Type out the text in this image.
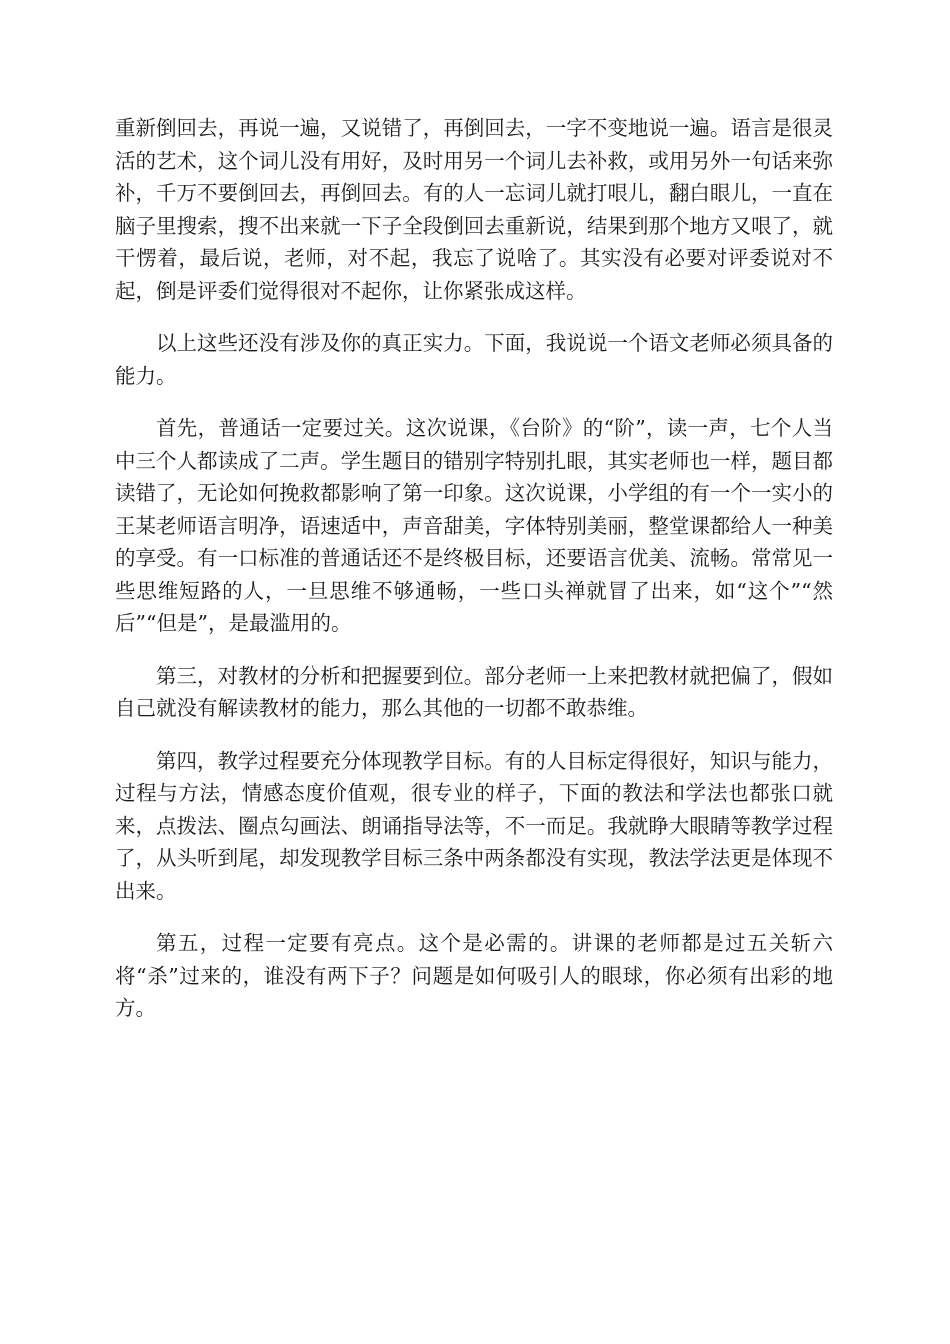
重新倒回去，再说一遍，又说错了，再倒回去，一字不变地说一遍。语言是很灵活的艺术，这个词儿没有用好，及时用另一个词儿去补救，或用另外一句话来弥补，千万不要倒回去，再倒回去。有的人一忘词儿就打哏儿，翻白眼儿，一直在脑子里搜索，搜不出来就一下子全段倒回去重新说，结果到那个地方又哏了，就干愣着，最后说，老师，对不起，我忘了说啥了。其实没有必要对评委说对不起，倒是评委们觉得很对不起你，让你紧张成这样。

以上这些还没有涉及你的真正实力。下面，我说说一个语文老师必须具备的能力。

首先，普通话一定要过关。这次说课，《台阶》的“阶”，读一声，七个人当中三个人都读成了二声。学生题目的错别字特别扎眼，其实老师也一样，题目都读错了，无论如何挽救都影响了第一印象。这次说课，小学组的有一个一实小的王某老师语言明净，语速适中，声音甜美，字体特别美丽，整堂课都给人一种美的享受。有一口标准的普通话还不是终极目标，还要语言优美、流畅。常常见一些思维短路的人，一旦思维不够通畅，一些口头禅就冒了出来，如“这个”“然后”“但是”，是最滥用的。

第三，对教材的分析和把握要到位。部分老师一上来把教材就把偏了，假如自己就没有解读教材的能力，那么其他的一切都不敢恭维。

第四，教学过程要充分体现教学目标。有的人目标定得很好，知识与能力，过程与方法，情感态度价值观，很专业的样子，下面的教法和学法也都张口就来，点拨法、圈点勾画法、朗诵指导法等，不一而足。我就睁大眼睛等教学过程了，从头听到尾，却发现教学目标三条中两条都没有实现，教法学法更是体现不出来。

第五，过程一定要有亮点。这个是必需的。讲课的老师都是过五关斩六将“杀”过来的，谁没有两下子？问题是如何吸引人的眼球，你必须有出彩的地方。
